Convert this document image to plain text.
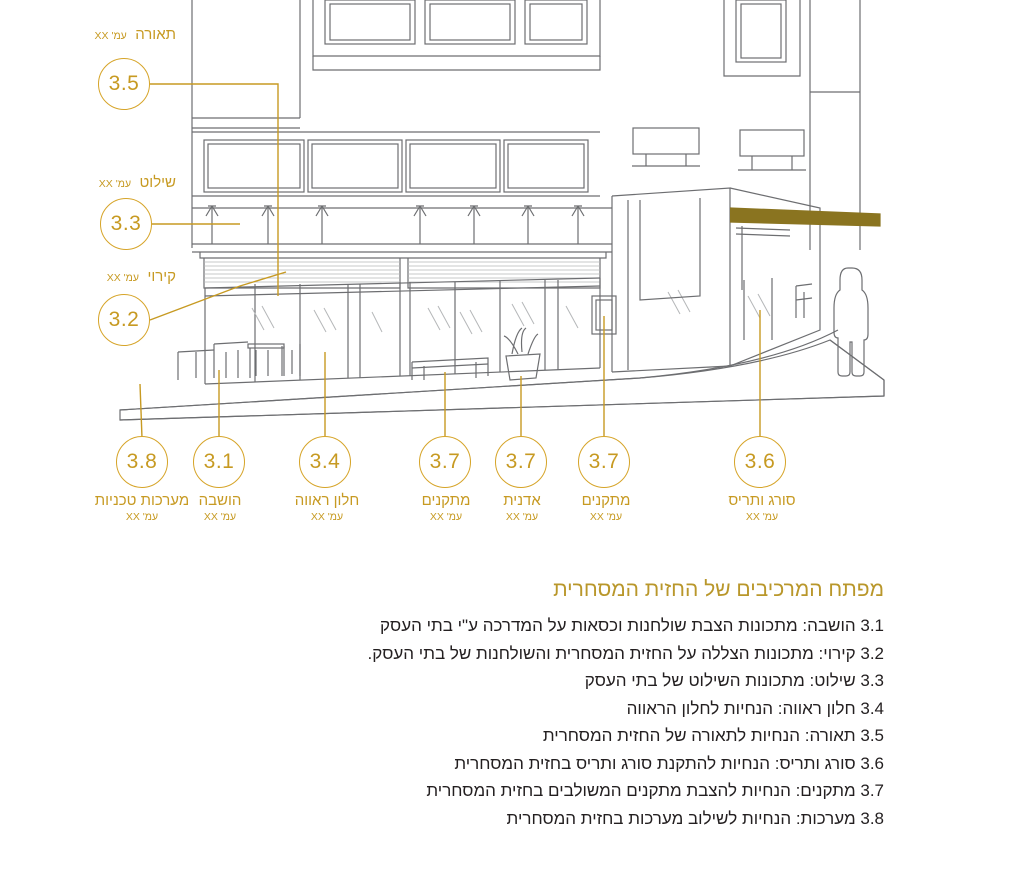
תאורה עמ' XX
שילוט עמ' XX
קירוי עמ' XX
3.5
3.3
3.2
3.8
מערכות טכניות
עמ' XX
3.1
הושבה
עמ' XX
3.4
חלון ראווה
עמ' XX
3.7
מתקנים
עמ' XX
3.7
אדנית
עמ' XX
3.7
מתקנים
עמ' XX
3.6
סורג ותריס
עמ' XX
מפתח המרכיבים של החזית המסחרית
3.1 הושבה: מתכונות הצבת שולחנות וכסאות על המדרכה ע"י בתי העסק
3.2 קירוי: מתכונות הצללה על החזית המסחרית והשולחנות של בתי העסק.
3.3 שילוט: מתכונות השילוט של בתי העסק
3.4 חלון ראווה: הנחיות לחלון הראווה
3.5 תאורה: הנחיות לתאורה של החזית המסחרית
3.6 סורג ותריס: הנחיות להתקנת סורג ותריס בחזית המסחרית
3.7 מתקנים: הנחיות להצבת מתקנים המשולבים בחזית המסחרית
3.8 מערכות: הנחיות לשילוב מערכות בחזית המסחרית
